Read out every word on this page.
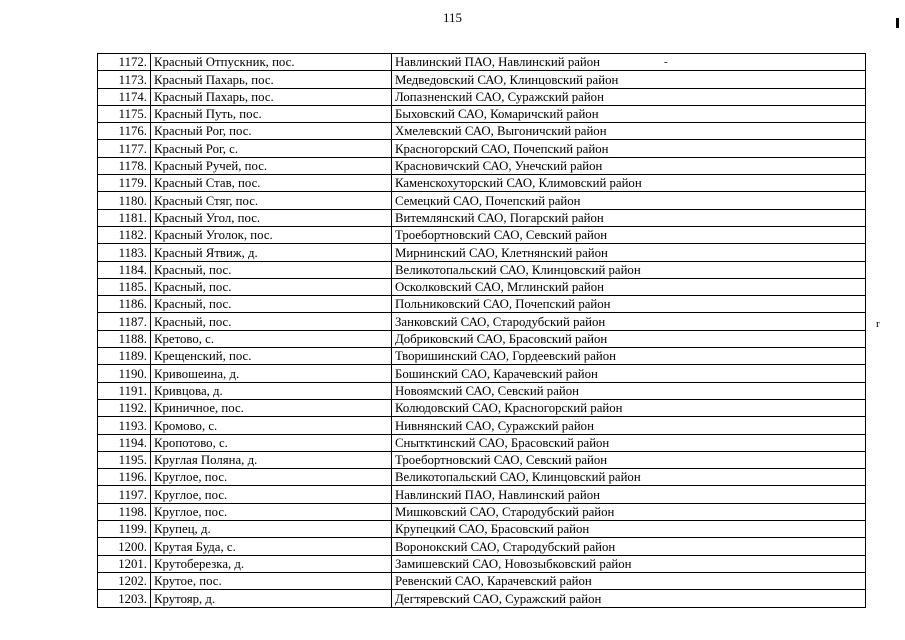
115
-
r
1172.	Красный Отпускник, пос.	Навлинский ПАО, Навлинский район
1173.	Красный Пахарь, пос.	Медведовский САО, Клинцовский район
1174.	Красный Пахарь, пос.	Лопазненский САО, Суражский район
1175.	Красный Путь, пос.	Быховский САО, Комаричский район
1176.	Красный Рог, пос.	Хмелевский САО, Выгоничский район
1177.	Красный Рог, с.	Красногорский САО, Почепский район
1178.	Красный Ручей, пос.	Красновичский САО, Унечский район
1179.	Красный Став, пос.	Каменскохуторский САО, Климовский район
1180.	Красный Стяг, пос.	Семецкий САО, Почепский район
1181.	Красный Угол, пос.	Витемлянский САО, Погарский район
1182.	Красный Уголок, пос.	Троебортновский САО, Севский район
1183.	Красный Ятвиж, д.	Мирнинский САО, Клетнянский район
1184.	Красный, пос.	Великотопальский САО, Клинцовский район
1185.	Красный, пос.	Осколковский САО, Мглинский район
1186.	Красный, пос.	Польниковский САО, Почепский район
1187.	Красный, пос.	Занковский САО, Стародубский район
1188.	Кретово, с.	Добриковский САО, Брасовский район
1189.	Крещенский, пос.	Творишинский САО, Гордеевский район
1190.	Кривошеина, д.	Бошинский САО, Карачевский район
1191.	Кривцова, д.	Новоямский САО, Севский район
1192.	Криничное, пос.	Колюдовский САО, Красногорский район
1193.	Кромово, с.	Нивнянский САО, Суражский район
1194.	Кропотово, с.	Снытктинский САО, Брасовский район
1195.	Круглая Поляна, д.	Троебортновский САО, Севский район
1196.	Круглое, пос.	Великотопальский САО, Клинцовский район
1197.	Круглое, пос.	Навлинский ПАО, Навлинский район
1198.	Круглое, пос.	Мишковский САО, Стародубский район
1199.	Крупец, д.	Крупецкий САО, Брасовский район
1200.	Крутая Буда, с.	Воронокский САО, Стародубский район
1201.	Крутоберезка, д.	Замишевский САО, Новозыбковский район
1202.	Крутое, пос.	Ревенский САО, Карачевский район
1203.	Крутояр, д.	Дегтяревский САО, Суражский район
